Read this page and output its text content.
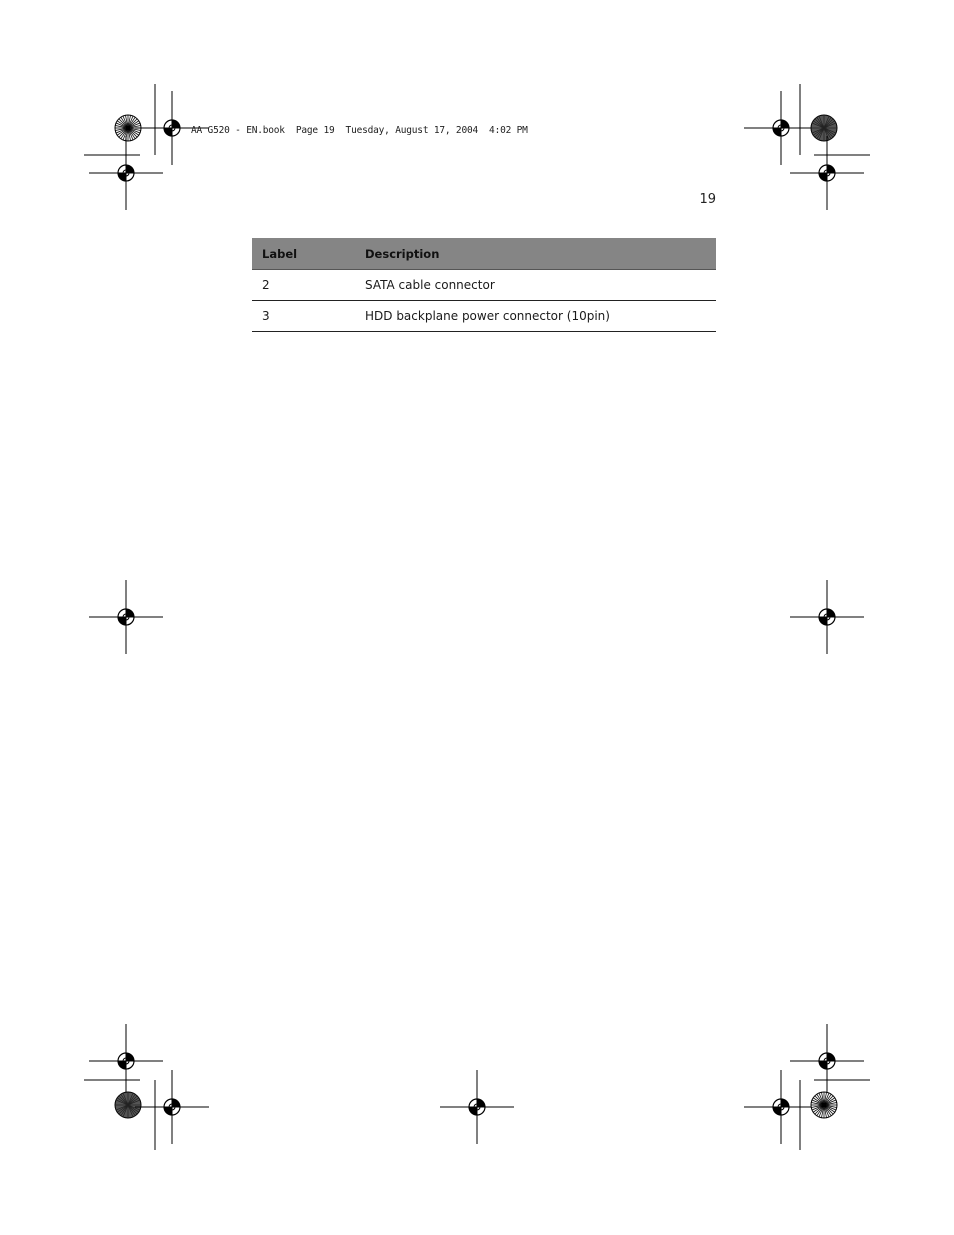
AA G520 - EN.book  Page 19  Tuesday, August 17, 2004  4:02 PM
19
Label	Description
2	SATA cable connector
3	HDD backplane power connector (10pin)
